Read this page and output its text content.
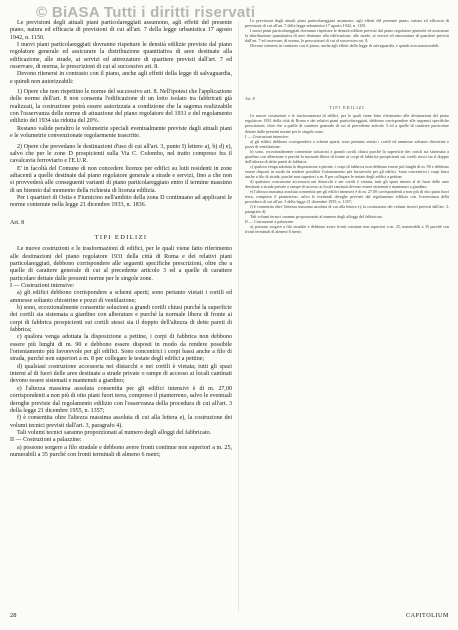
© BiASA Tutti i diritti riservati

Le previsioni degli attuali piani particolareggiati assumono, agli effetti del presente piano, natura ed efficacia di previsioni di cui all'art. 7 della legge urbanistica 17 agosto 1942, n. 1150.

I nuovi piani particolareggiati dovranno rispettare le densità edilizie previste dal piano regolatore generale ed assicurare la distribuzione quantitativa di aree destinate alla edificazione, alle strade, ai servizi ed attrezzature di quartiere previsti dall'art. 7 ed osservare, di norma, le prescrizioni di cui al successivo art. 8.

Devono ritenersi in contrasto con il piano, anche agli effetti della legge di salvaguardia, e quindi non autorizzabili:

1) Opere che non rispettino le norme del successivo art. 8. Nell'ipotesi che l'applicazione delle norme dell'art. 8 non consenta l'edificazione di un lotto isolato tra fabbricati già realizzati, la costruzione potrà essere autorizzata a condizione che la sagoma realizzabile con l'osservanza delle norme di attuazione del piano regolatore del 1931 e del regolamento edilizio del 1934 sia ridotta del 20%.

Restano valide peraltro le volumetrie speciali eventualmente previste dagli attuali piani e le volumetrie convenzionate regolarmente trascritte.

2) Opere che prevedano le destinazioni d'uso di cui all'art. 3, punto I) lettere a), b) d) e), salvo che per le zone D prospicienti sulla Via C. Colombo, nel tratto compreso fra il cavalcavia ferroviario e l'E.U.R.

E' in facoltà del Comune di non concedere licenze per edifici su lotti residenti in zone adiacenti a quelle destinate dal piano regolatore generale a strade e servizi, fino a che non si provvederà alle conseguenti varianti di piano particolareggiato entro il termine massimo di un biennio dal momento della richiesta di licenza edilizia.

Per i quartieri di Ostia e Fiumicino nell'ambito della zona D continuano ad applicarsi le norme contenute nella legge 21 dicembre 1933, n. 1836.

Art. 8

TIPI EDILIZI

Le nuove costruzioni e le trasformazioni di edifici, per le quali viene fatto riferimento alle destinazioni del piano regolatore 1931 della città di Roma e dei relativi piani particolareggiati, debbono corrispondere alle seguenti specifiche prescrizioni, oltre che a quelle di carattere generale di cui al precedente articolo 3 ed a quelle di carattere particolare dettate dalle presenti norme per le singole zone.

I — Costruzioni intensive:

a) gli edifici debbono corrispondere a schemi aperti; sono pertanto vietati i cortili ed ammesse soltanto chiostrine e pozzi di ventilazione;

b) sono, eccezionalmente consentite soluzioni a grandi cortili chiusi purché la superficie dei cortili sia sistemata a giardino con alberature e purché la normale libera di fronte ai corpi di fabbrica prospicienti sui cortili stessi sia il doppio dell'altezza di dette pareti di fabbrica;

c) qualora venga adottata la disposizione a pettine, i corpi di fabbrica non debbono essere più lunghi di m. 90 e debbono essere disposti in modo da rendere possibile l'orientamento più favorevole per gli edifici. Sono concentrici i corpi bassi anche a filo di strada, purché non superiori a m. 8 per collegare le testate degli edifici a pettine;

d) qualsiasi costruzione accessoria nei distacchi e nei cortili è vietata; tutti gli spazi interni al di fuori delle aree destinate a strade private o rampe di accesso ai locali cantinati devono essere sistemati e mantenuti a giardino;

e) l'altezza massima assoluta consentita per gli edifici intensivi è di m. 27,00 corrispondenti a non più di otto piani fuori terra, compreso il pianterreno, salvo le eventuali deroghe previste dal regolamento edilizio con l'osservanza della procedura di cui all'art. 3 della legge 21 dicembre 1955, n. 1357;

f) è consentita oltre l'altezza massima assoluta di cui alla lettera e), la costruzione dei volumi tecnici previsti dall'art. 3, paragrafo 4).

Tali volumi tecnici saranno proporzionati al numero degli alloggi del fabbricato.

II — Costruzioni a palazzine:

a) possono sorgere a filo stradale e debbono avere fronti continue non superiori a m. 25, numerabili a 35 purché con fronti terminali di almeno 6 metri;

Le previsioni degli attuali piani particolareggiati assumono, agli effetti del presente piano, natura ed efficacia di previsioni di cui all'art. 7 della legge urbanistica 17 agosto 1942, n. 1150.

I nuovi piani particolareggiati dovranno rispettare le densità edilizie previste dal piano regolatore generale ed assicurare la distribuzione quantitativa di aree destinate alla edificazione, alle strade, ai servizi ed attrezzature di quartiere previsti dall'art. 7 ed osservare, di norma, le prescrizioni di cui al successivo art. 8.

Devono ritenersi in contrasto con il piano, anche agli effetti della legge di salvaguardia, e quindi non autorizzabili:

Art. 8

TIPI EDILIZI

Le nuove costruzioni e le trasformazioni di edifici, per le quali viene fatto riferimento alle destinazioni del piano regolatore 1931 della città di Roma e dei relativi piani particolareggiati, debbono corrispondere alle seguenti specifiche prescrizioni, oltre che a quelle di carattere generale di cui al precedente articolo 3 ed a quelle di carattere particolare dettate dalle presenti norme per le singole zone.

I — Costruzioni intensive:

a) gli edifici debbono corrispondere a schemi aperti; sono pertanto vietati i cortili ed ammesse soltanto chiostrine e pozzi di ventilazione;

b) sono, eccezionalmente consentite soluzioni a grandi cortili chiusi purché la superficie dei cortili sia sistemata a giardino con alberature e purché la normale libera di fronte ai corpi di fabbrica prospicienti sui cortili stessi sia il doppio dell'altezza di dette pareti di fabbrica;

c) qualora venga adottata la disposizione a pettine, i corpi di fabbrica non debbono essere più lunghi di m. 90 e debbono essere disposti in modo da rendere possibile l'orientamento più favorevole per gli edifici. Sono concentrici i corpi bassi anche a filo di strada, purché non superiori a m. 8 per collegare le testate degli edifici a pettine;

d) qualsiasi costruzione accessoria nei distacchi e nei cortili è vietata; tutti gli spazi interni al di fuori delle aree destinate a strade private o rampe di accesso ai locali cantinati devono essere sistemati e mantenuti a giardino;

e) l'altezza massima assoluta consentita per gli edifici intensivi è di m. 27,00 corrispondenti a non più di otto piani fuori terra, compreso il pianterreno, salvo le eventuali deroghe previste dal regolamento edilizio con l'osservanza della procedura di cui all'art. 3 della legge 21 dicembre 1955, n. 1357;

f) è consentita oltre l'altezza massima assoluta di cui alla lettera e), la costruzione dei volumi tecnici previsti dall'art. 3, paragrafo 4).

Tali volumi tecnici saranno proporzionati al numero degli alloggi del fabbricato.

II — Costruzioni a palazzine:

a) possono sorgere a filo stradale e debbono avere fronti continue non superiori a m. 25, numerabili a 35 purché con fronti terminali di almeno 6 metri;

28	CAPITOLIUM
